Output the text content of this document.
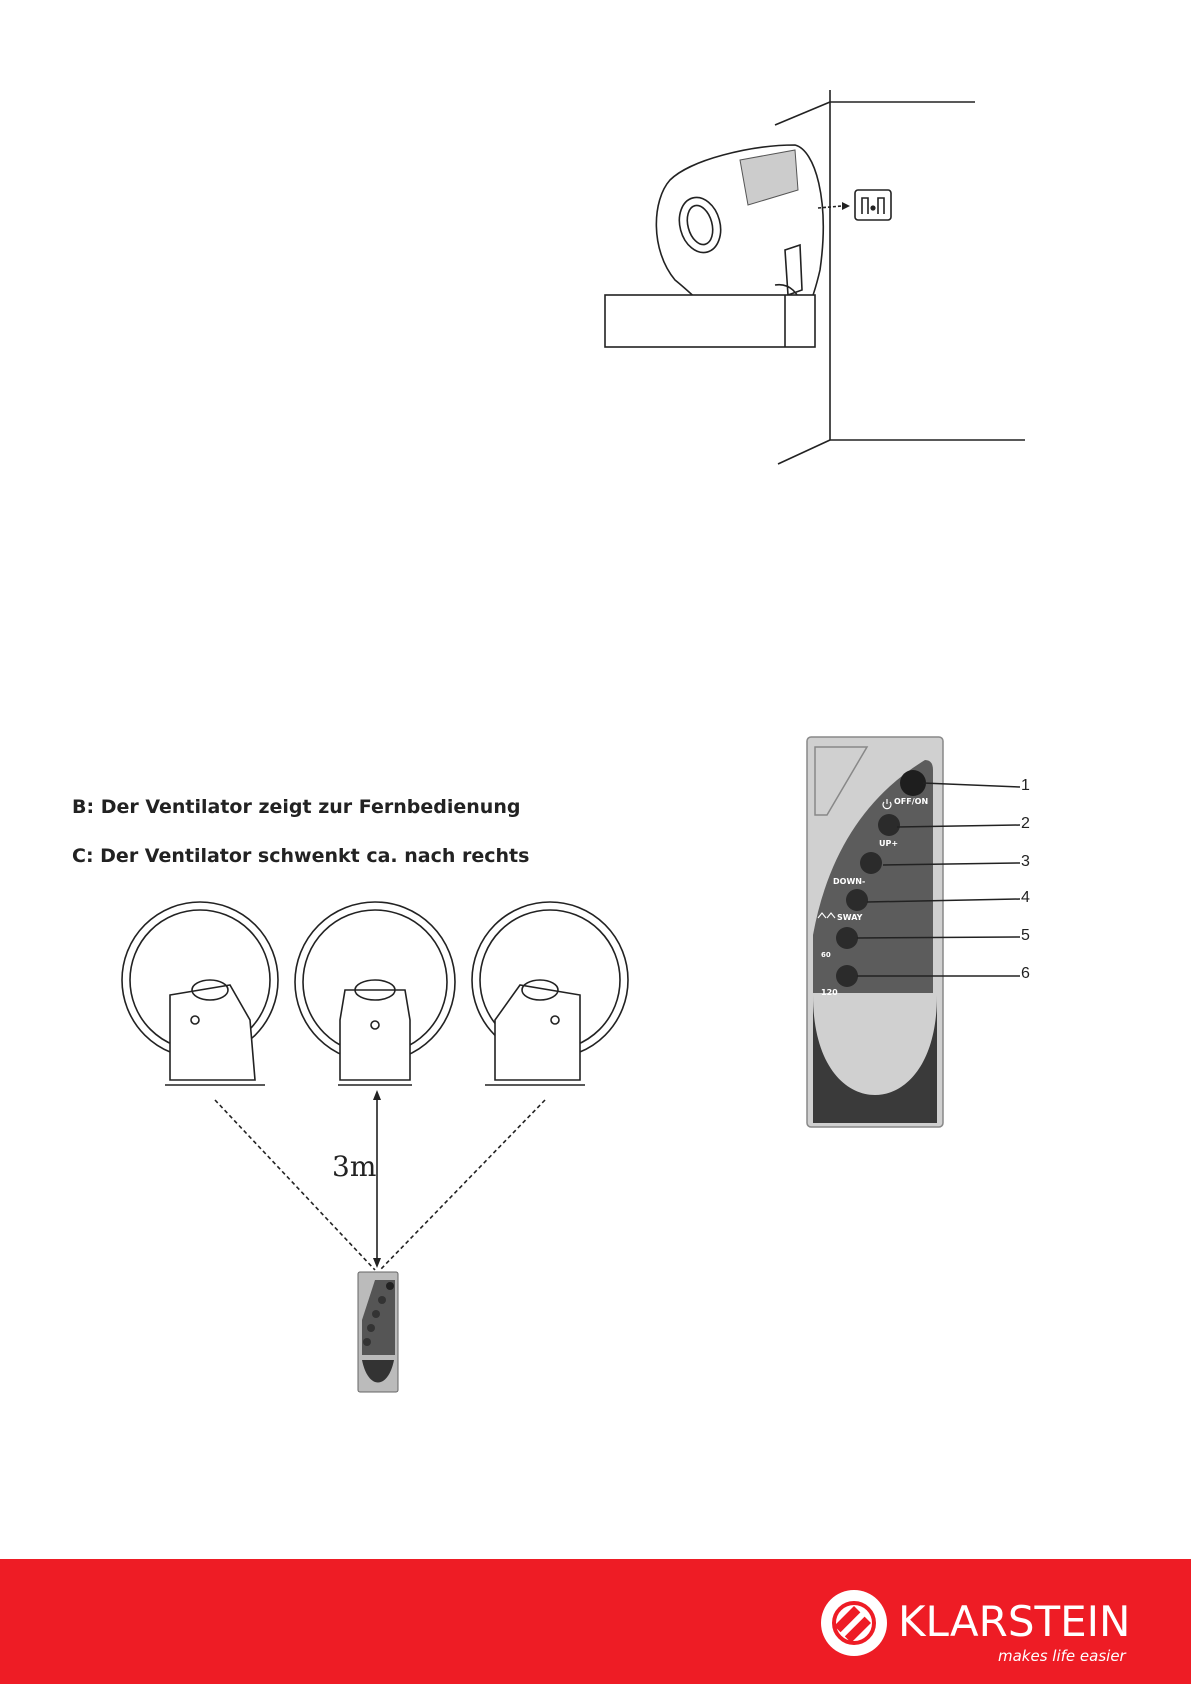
B: Der Ventilator zeigt zur Fernbedienung
C: Der Ventilator schwenkt ca. nach rechts
3m
OFF/ON
UP+
DOWN-
SWAY
60
120
1
2
3
4
5
6
KLARSTEIN
makes life easier
